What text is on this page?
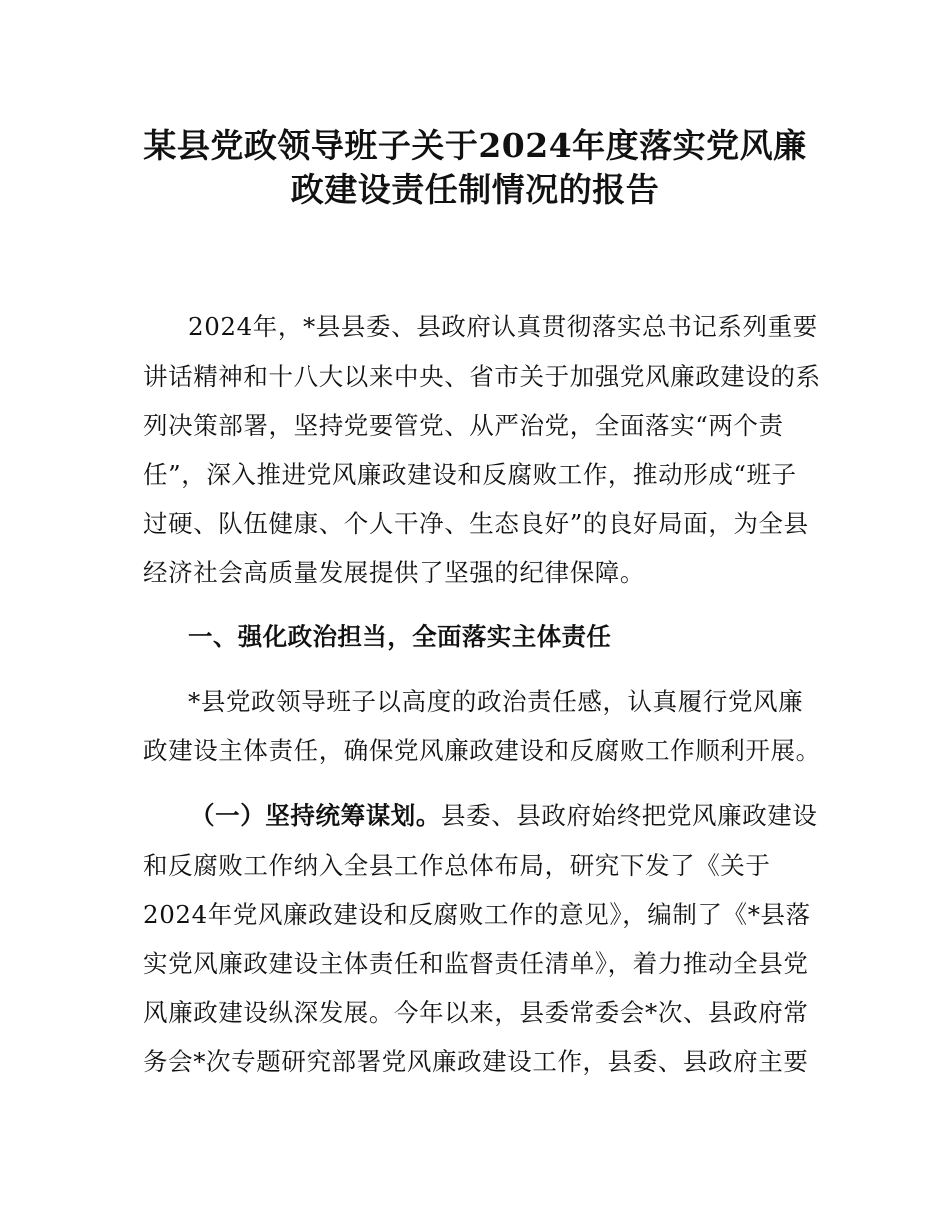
某县党政领导班子关于2024年度落实党风廉
政建设责任制情况的报告
2024年，*县县委、县政府认真贯彻落实总书记系列重要
讲话精神和十八大以来中央、省市关于加强党风廉政建设的系
列决策部署，坚持党要管党、从严治党，全面落实“两个责
任”，深入推进党风廉政建设和反腐败工作，推动形成“班子
过硬、队伍健康、个人干净、生态良好”的良好局面，为全县
经济社会高质量发展提供了坚强的纪律保障。
一、强化政治担当，全面落实主体责任
*县党政领导班子以高度的政治责任感，认真履行党风廉
政建设主体责任，确保党风廉政建设和反腐败工作顺利开展。
（一）坚持统筹谋划。县委、县政府始终把党风廉政建设
和反腐败工作纳入全县工作总体布局，研究下发了《关于
2024年党风廉政建设和反腐败工作的意见》，编制了《*县落
实党风廉政建设主体责任和监督责任清单》，着力推动全县党
风廉政建设纵深发展。今年以来，县委常委会*次、县政府常
务会*次专题研究部署党风廉政建设工作，县委、县政府主要
